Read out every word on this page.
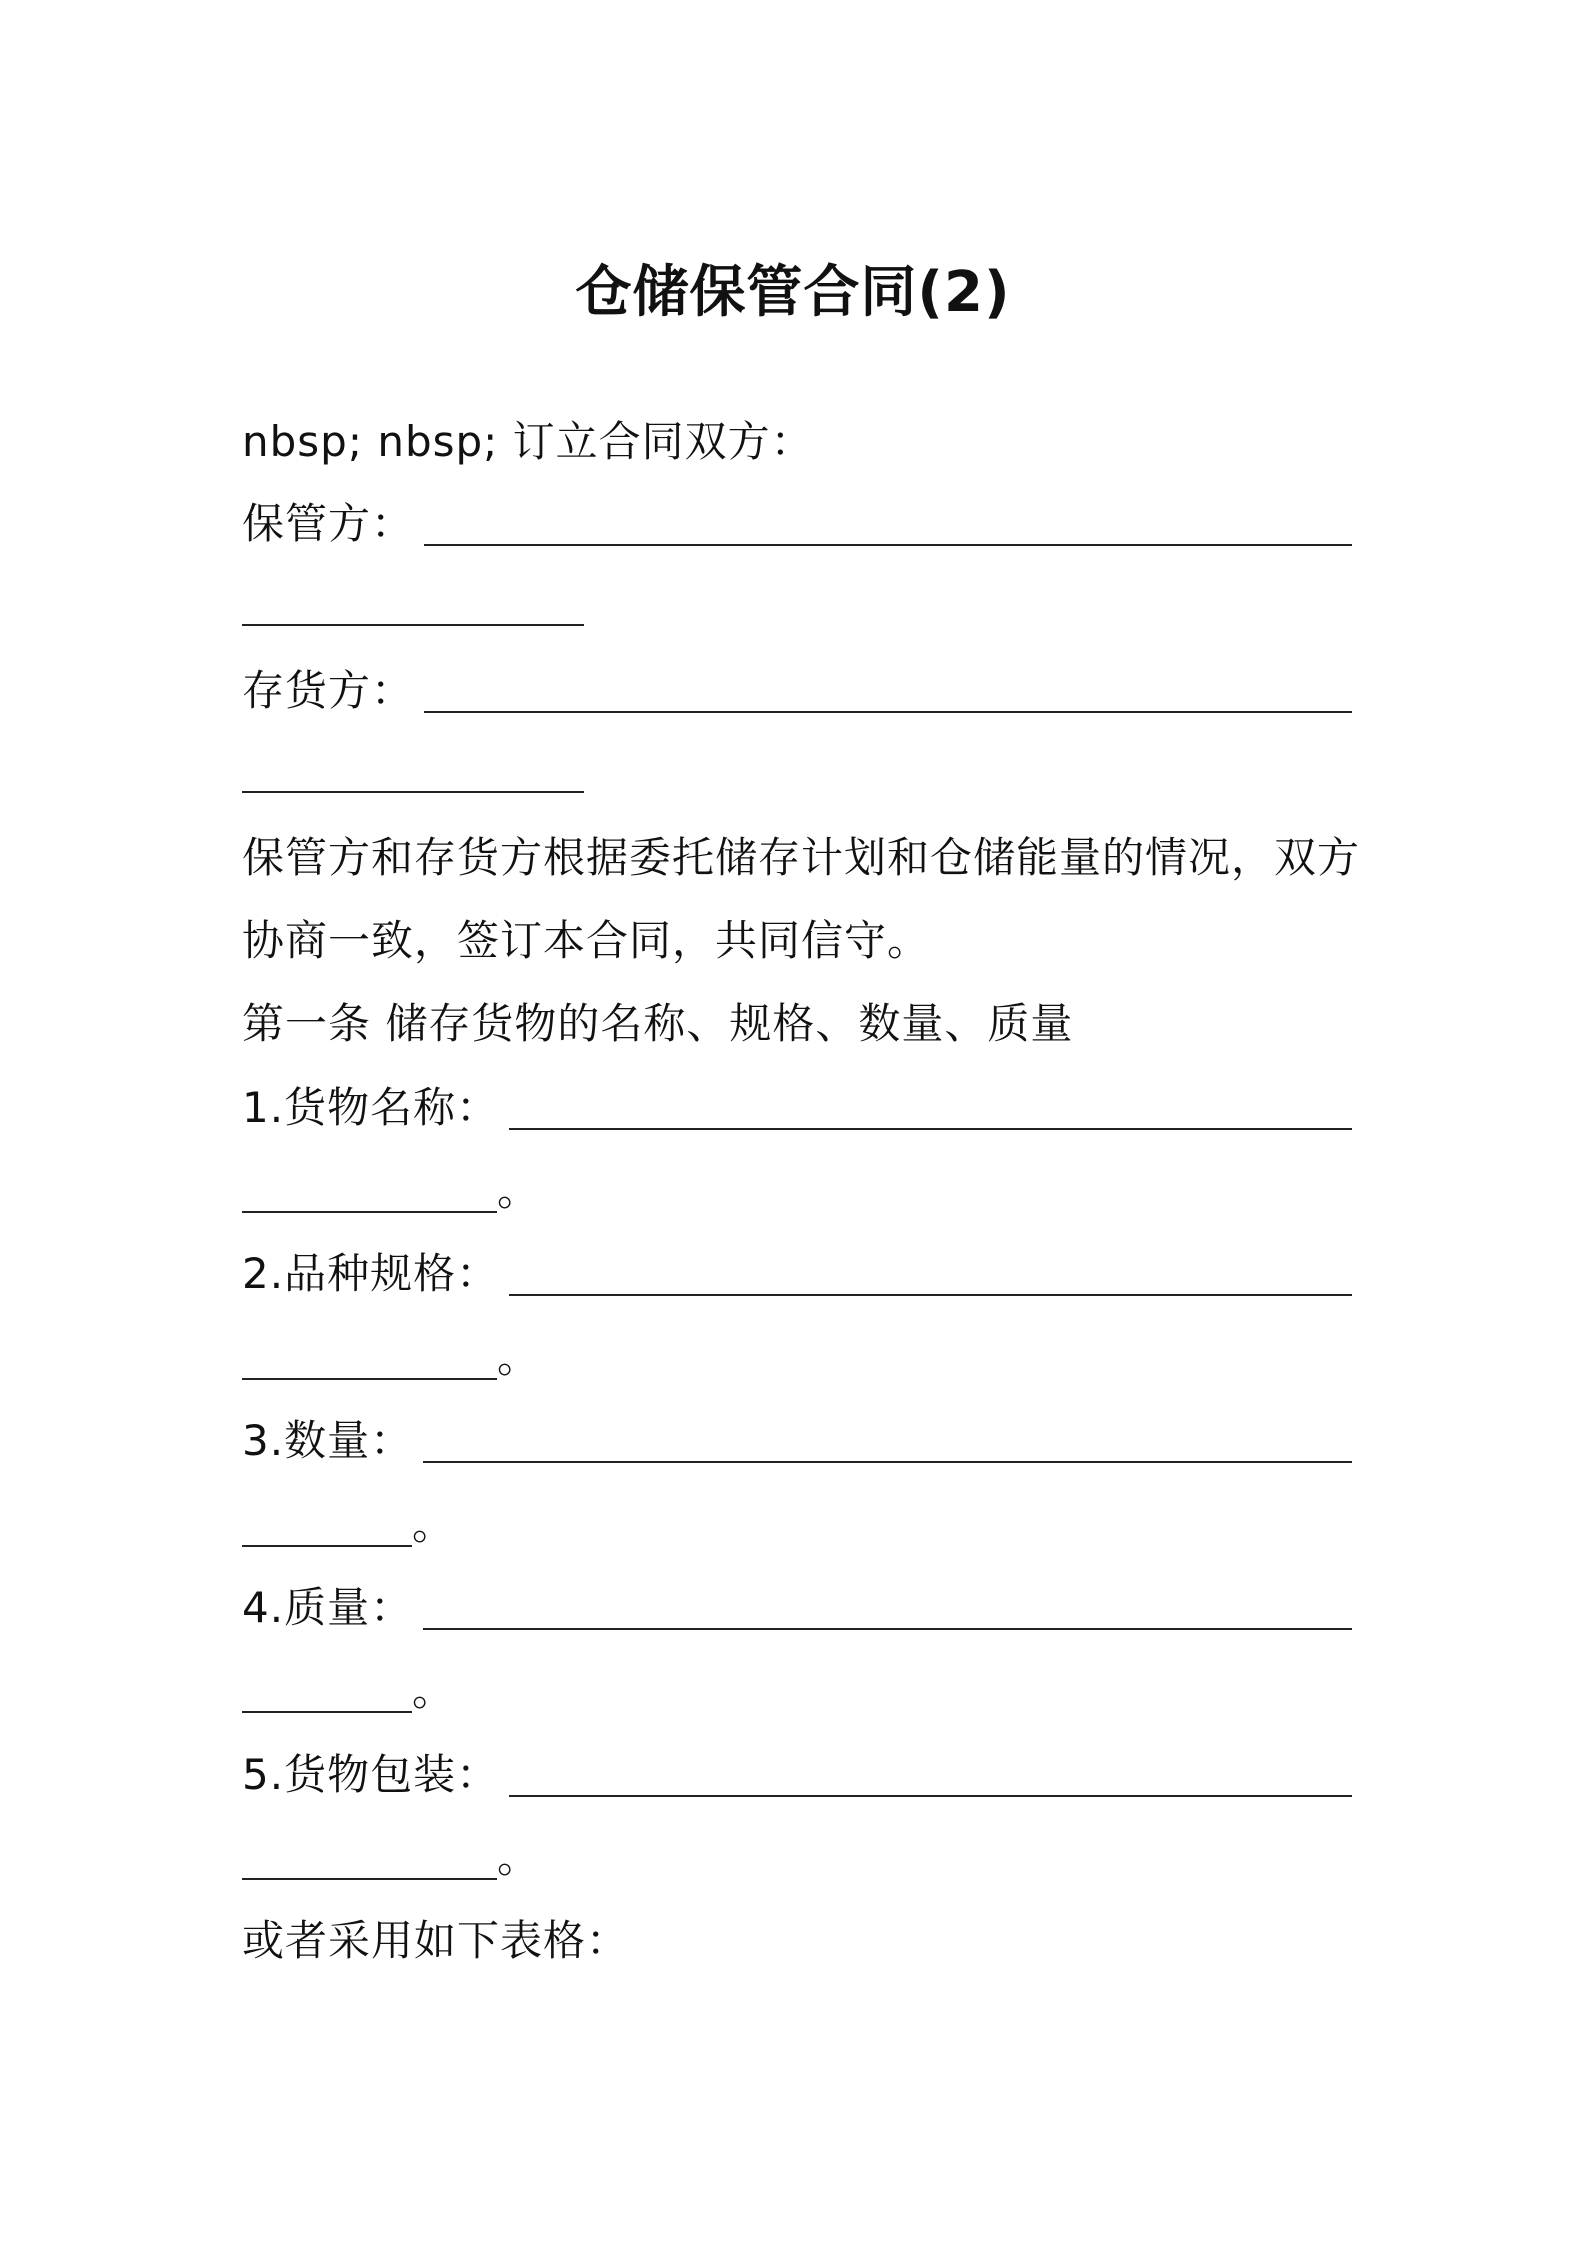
仓储保管合同(2)
nbsp; nbsp; 订立合同双方：
保管方：
存货方：
保管方和存货方根据委托储存计划和仓储能量的情况，双方
协商一致，签订本合同，共同信守。
第一条 储存货物的名称、规格、数量、质量
1.货物名称：
。
2.品种规格：
。
3.数量：
。
4.质量：
。
5.货物包装：
。
或者采用如下表格：
